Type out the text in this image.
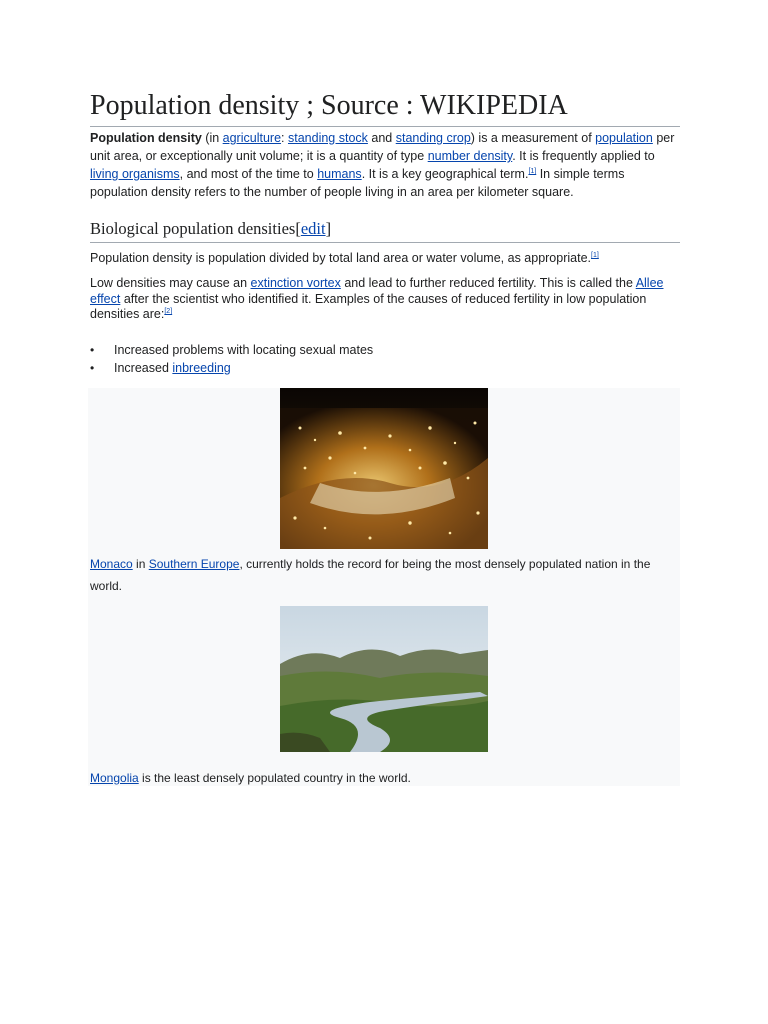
Population density ; Source : WIKIPEDIA

Population density (in agriculture: standing stock and standing crop) is a measurement of population per unit area, or exceptionally unit volume; it is a quantity of type number density. It is frequently applied to living organisms, and most of the time to humans. It is a key geographical term.[1] In simple terms population density refers to the number of people living in an area per kilometer square.

Biological population densities[edit]

Population density is population divided by total land area or water volume, as appropriate.[1]

Low densities may cause an extinction vortex and lead to further reduced fertility. This is called the Allee effect after the scientist who identified it. Examples of the causes of reduced fertility in low population densities are:[2]

• Increased problems with locating sexual mates
• Increased inbreeding
Monaco in Southern Europe, currently holds the record for being the most densely populated nation in the world.
Mongolia is the least densely populated country in the world.
